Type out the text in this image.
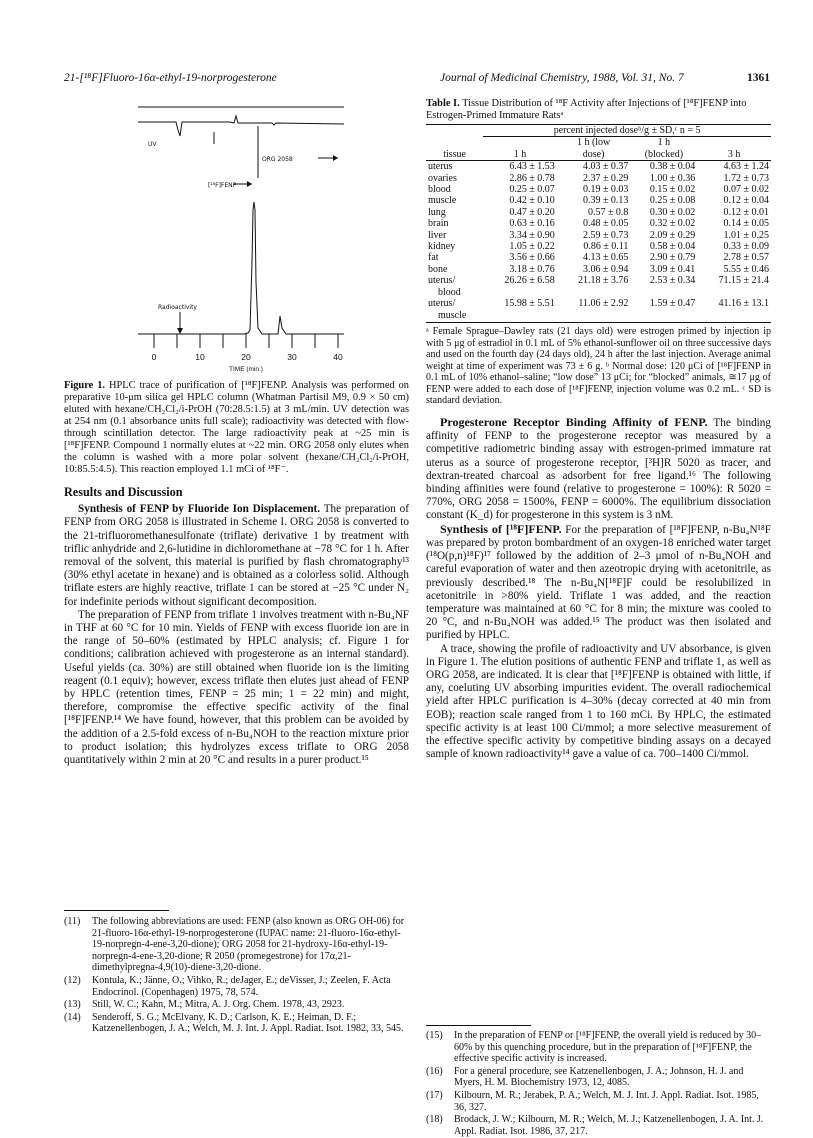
21-[¹⁸F]Fluoro-16α-ethyl-19-norprogesterone	Journal of Medicinal Chemistry, 1988, Vol. 31, No. 7	1361
UV
[¹⁸F]FENP
ORG 2058
Radioactivity
0	10	20	30	40
TIME (min.)
Figure 1. HPLC trace of purification of [¹⁸F]FENP. Analysis was performed on preparative 10-μm silica gel HPLC column (Whatman Partisil M9, 0.9 × 50 cm) eluted with hexane/CH₂Cl₂/i-PrOH (70:28.5:1.5) at 3 mL/min. UV detection was at 254 nm (0.1 absorbance units full scale); radioactivity was detected with flow-through scintillation detector. The large radioactivity peak at ~25 min is [¹⁸F]FENP. Compound 1 normally elutes at ~22 min. ORG 2058 only elutes when the column is washed with a more polar solvent (hexane/CH₂Cl₂/i-PrOH, 10:85.5:4.5). This reaction employed 1.1 mCi of ¹⁸F⁻.
Results and Discussion

Synthesis of FENP by Fluoride Ion Displacement. The preparation of FENP from ORG 2058 is illustrated in Scheme I. ORG 2058 is converted to the 21-trifluoromethanesulfonate (triflate) derivative 1 by treatment with triflic anhydride and 2,6-lutidine in dichloromethane at −78 °C for 1 h. After removal of the solvent, this material is purified by flash chromatography¹³ (30% ethyl acetate in hexane) and is obtained as a colorless solid. Although triflate esters are highly reactive, triflate 1 can be stored at −25 °C under N₂ for indefinite periods without significant decomposition.

The preparation of FENP from triflate 1 involves treatment with n-Bu₄NF in THF at 60 °C for 10 min. Yields of FENP with excess fluoride ion are in the range of 50–60% (estimated by HPLC analysis; cf. Figure 1 for conditions; calibration achieved with progesterone as an internal standard). Useful yields (ca. 30%) are still obtained when fluoride ion is the limiting reagent (0.1 equiv); however, excess triflate then elutes just ahead of FENP by HPLC (retention times, FENP = 25 min; 1 = 22 min) and might, therefore, compromise the effective specific activity of the final [¹⁸F]FENP.¹⁴ We have found, however, that this problem can be avoided by the addition of a 2.5-fold excess of n-Bu₄NOH to the reaction mixture prior to product isolation; this hydrolyzes excess triflate to ORG 2058 quantitatively within 2 min at 20 °C and results in a purer product.¹⁵

(11)	The following abbreviations are used: FENP (also known as ORG OH-06) for 21-fluoro-16α-ethyl-19-norprogesterone (IUPAC name: 21-fluoro-16α-ethyl-19-norpregn-4-ene-3,20-dione); ORG 2058 for 21-hydroxy-16α-ethyl-19-norpregn-4-ene-3,20-dione; R 2050 (promegestrone) for 17α,21-dimethylpregna-4,9(10)-diene-3,20-dione.
(12)	Kontula, K.; Jänne, O.; Vihko, R.; deJager, E.; deVisser, J.; Zeelen, F. Acta Endocrinol. (Copenhagen) 1975, 78, 574.
(13)	Still, W. C.; Kahn, M.; Mitra, A. J. Org. Chem. 1978, 43, 2923.
(14)	Senderoff, S. G.; McElvany, K. D.; Carlson, K. E.; Heiman, D. F.; Katzenellenbogen, J. A.; Welch, M. J. Int. J. Appl. Radiat. Isot. 1982, 33, 545.
Table I. Tissue Distribution of ¹⁸F Activity after Injections of [¹⁸F]FENP into Estrogen-Primed Immature Ratsᵃ
	percent injected doseᵇ/g ± SD,ᶜ n = 5			
		1 h (low	1 h	
tissue	1 h	dose)	(blocked)	3 h
uterus	6.43 ± 1.53	4.03 ± 0.37	0.38 ± 0.04	4.63 ± 1.24
ovaries	2.86 ± 0.78	2.37 ± 0.29	1.00 ± 0.36	1.72 ± 0.73
blood	0.25 ± 0.07	0.19 ± 0.03	0.15 ± 0.02	0.07 ± 0.02
muscle	0.42 ± 0.10	0.39 ± 0.13	0.25 ± 0.08	0.12 ± 0.04
lung	0.47 ± 0.20	0.57 ± 0.8	0.30 ± 0.02	0.12 ± 0.01
brain	0.63 ± 0.16	0.48 ± 0.05	0.32 ± 0.02	0.14 ± 0.05
liver	3.34 ± 0.90	2.59 ± 0.73	2.09 ± 0.29	1.01 ± 0.25
kidney	1.05 ± 0.22	0.86 ± 0.11	0.58 ± 0.04	0.33 ± 0.09
fat	3.56 ± 0.66	4.13 ± 0.65	2.90 ± 0.79	2.78 ± 0.57
bone	3.18 ± 0.76	3.06 ± 0.94	3.09 ± 0.41	5.55 ± 0.46
uterus/
blood	26.26 ± 6.58	21.18 ± 3.76	2.53 ± 0.34	71.15 ± 21.4
uterus/
muscle	15.98 ± 5.51	11.06 ± 2.92	1.59 ± 0.47	41.16 ± 13.1
ᵃ Female Sprague–Dawley rats (21 days old) were estrogen primed by injection ip with 5 μg of estradiol in 0.1 mL of 5% ethanol-sunflower oil on three successive days and used on the fourth day (24 days old), 24 h after the last injection. Average animal weight at time of experiment was 73 ± 6 g. ᵇ Normal dose: 120 μCi of [¹⁸F]FENP in 0.1 mL of 10% ethanol–saline; “low dose” 13 μCi; for “blocked” animals, ≅17 μg of FENP were added to each dose of [¹⁸F]FENP, injection volume was 0.2 mL. ᶜ SD is standard deviation.

Progesterone Receptor Binding Affinity of FENP. The binding affinity of FENP to the progesterone receptor was measured by a competitive radiometric binding assay with estrogen-primed immature rat uterus as a source of progesterone receptor, [³H]R 5020 as tracer, and dextran-treated charcoal as adsorbent for free ligand.¹⁶ The following binding affinities were found (relative to progesterone = 100%): R 5020 = 770%, ORG 2058 = 1500%, FENP = 6000%. The equilibrium dissociation constant (K_d) for progesterone in this system is 3 nM.

Synthesis of [¹⁸F]FENP. For the preparation of [¹⁸F]FENP, n-Bu₄N¹⁸F was prepared by proton bombardment of an oxygen-18 enriched water target (¹⁸O(p,n)¹⁸F)¹⁷ followed by the addition of 2–3 μmol of n-Bu₄NOH and careful evaporation of water and then azeotropic drying with acetonitrile, as previously described.¹⁸ The n-Bu₄N[¹⁸F]F could be resolubilized in acetonitrile in >80% yield. Triflate 1 was added, and the reaction temperature was maintained at 60 °C for 8 min; the mixture was cooled to 20 °C, and n-Bu₄NOH was added.¹⁵ The product was then isolated and purified by HPLC.

A trace, showing the profile of radioactivity and UV absorbance, is given in Figure 1. The elution positions of authentic FENP and triflate 1, as well as ORG 2058, are indicated. It is clear that [¹⁸F]FENP is obtained with little, if any, coeluting UV absorbing impurities evident. The overall radiochemical yield after HPLC purification is 4–30% (decay corrected at 40 min from EOB); reaction scale ranged from 1 to 160 mCi. By HPLC, the estimated specific activity is at least 100 Ci/mmol; a more selective measurement of the effective specific activity by competitive binding assays on a decayed sample of known radioactivity¹⁴ gave a value of ca. 700–1400 Ci/mmol.

(15)	In the preparation of FENP or [¹⁸F]FENP, the overall yield is reduced by 30–60% by this quenching procedure, but in the preparation of [¹⁸F]FENP, the effective specific activity is increased.
(16)	For a general procedure, see Katzenellenbogen, J. A.; Johnson, H. J. and Myers, H. M. Biochemistry 1973, 12, 4085.
(17)	Kilbourn, M. R.; Jerabek, P. A.; Welch, M. J. Int. J. Appl. Radiat. Isot. 1985, 36, 327.
(18)	Brodack, J. W.; Kilbourn, M. R.; Welch, M. J.; Katzenellenbogen, J. A. Int. J. Appl. Radiat. Isot. 1986, 37, 217.
